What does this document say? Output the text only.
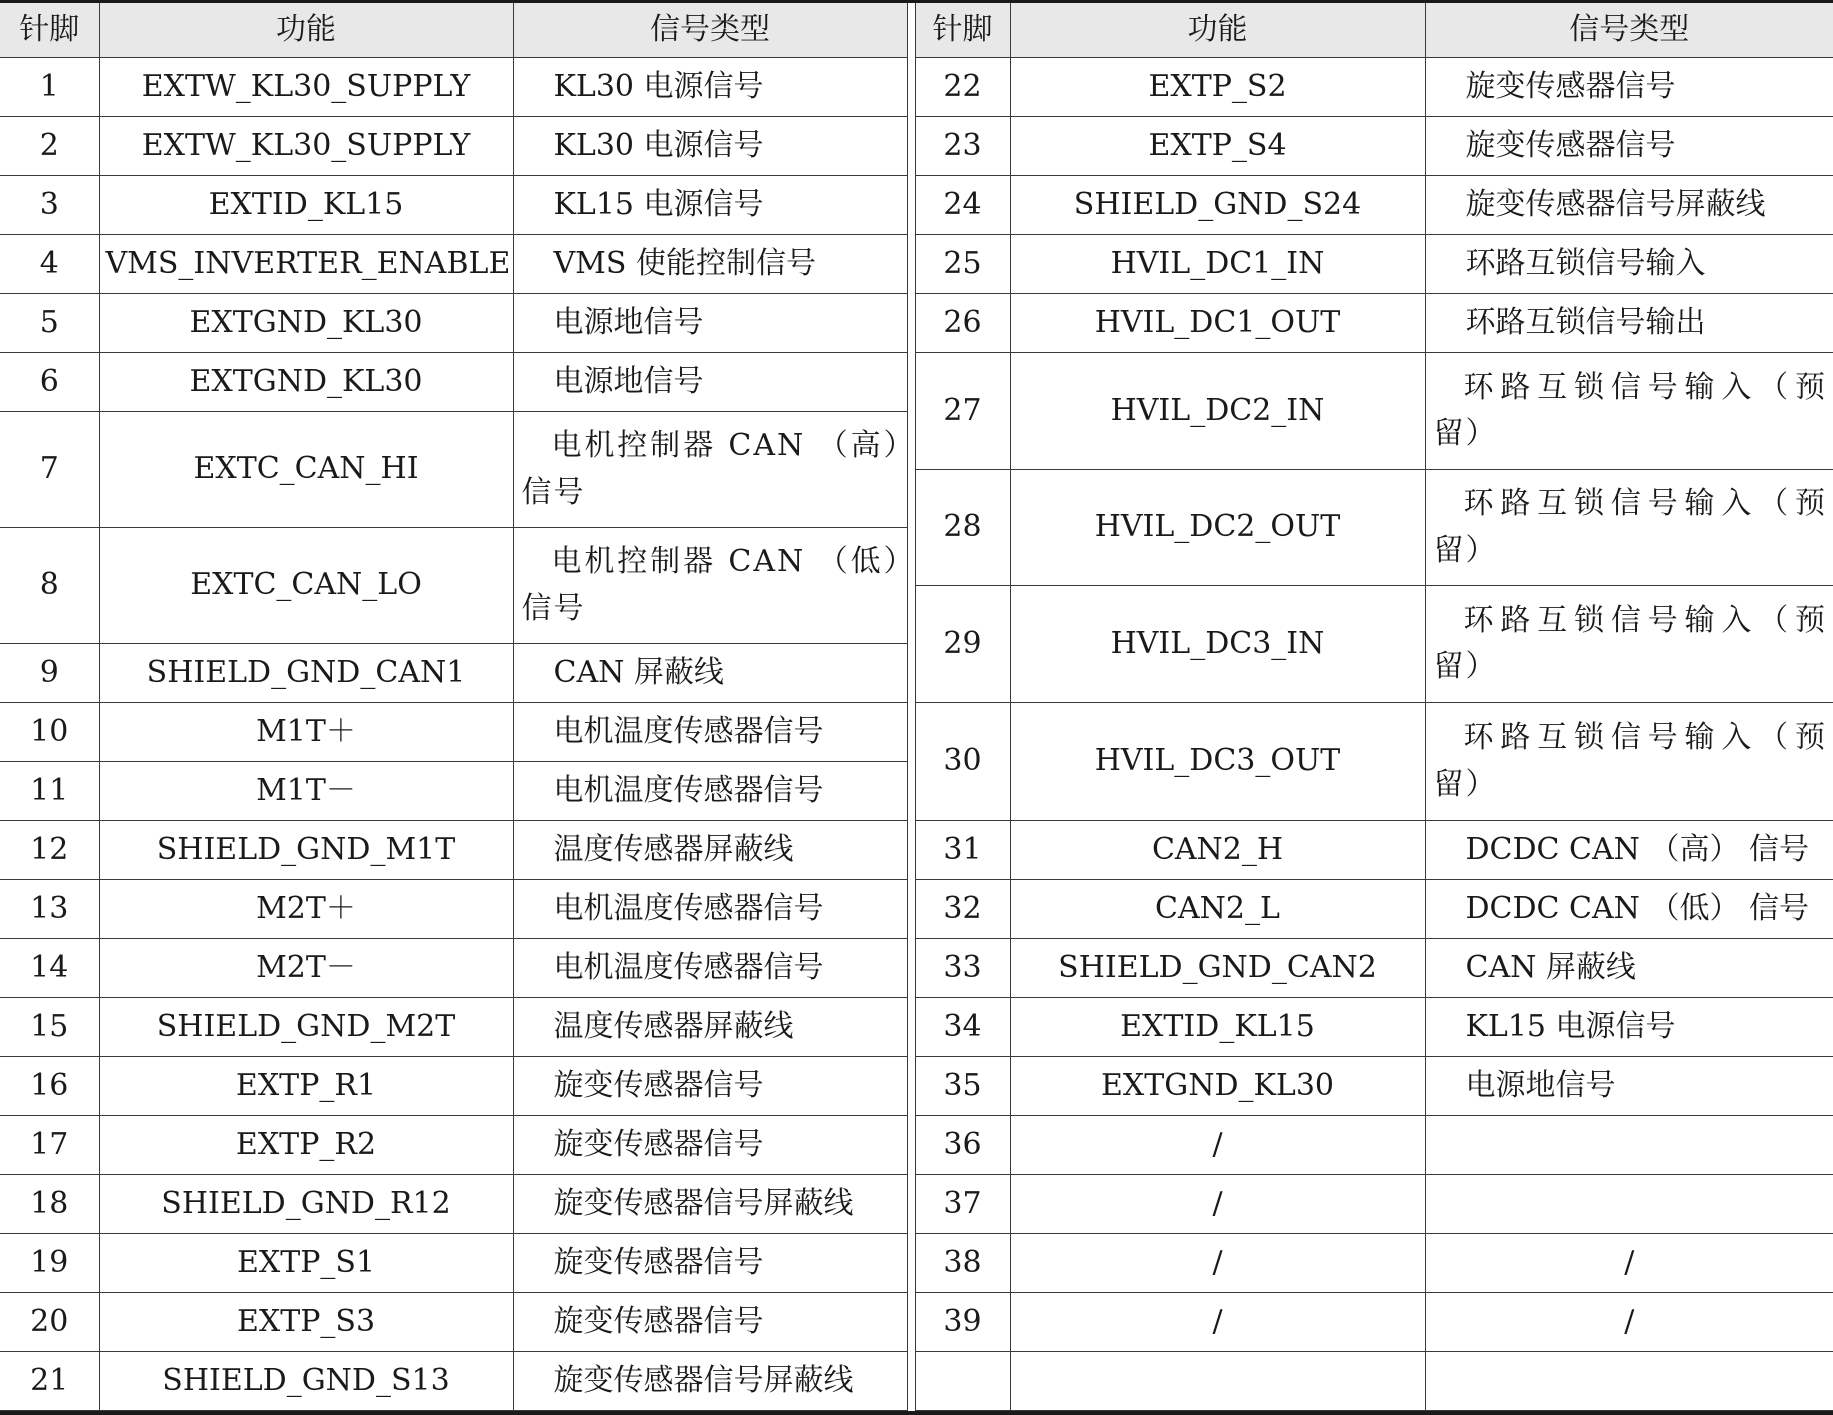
针脚	功能	信号类型		针脚	功能	信号类型
1	EXTW_KL30_SUPPLY	KL30 电源信号		22	EXTP_S2	旋变传感器信号
2	EXTW_KL30_SUPPLY	KL30 电源信号		23	EXTP_S4	旋变传感器信号
3	EXTID_KL15	KL15 电源信号		24	SHIELD_GND_S24	旋变传感器信号屏蔽线
4	VMS_INVERTER_ENABLE	VMS 使能控制信号		25	HVIL_DC1_IN	环路互锁信号输入
5	EXTGND_KL30	电源地信号		26	HVIL_DC1_OUT	环路互锁信号输出
6	EXTGND_KL30	电源地信号		27	HVIL_DC2_IN	环路互锁信号输入（预留）
7	EXTC_CAN_HI	电机控制器 CAN （高）信号				
				28	HVIL_DC2_OUT	环路互锁信号输入（预留）
8	EXTC_CAN_LO	电机控制器 CAN （低）信号				
				29	HVIL_DC3_IN	环路互锁信号输入（预留）
9	SHIELD_GND_CAN1	CAN 屏蔽线				
10	M1T＋	电机温度传感器信号		30	HVIL_DC3_OUT	环路互锁信号输入（预留）
11	M1T－	电机温度传感器信号				
12	SHIELD_GND_M1T	温度传感器屏蔽线		31	CAN2_H	DCDC CAN （高） 信号
13	M2T＋	电机温度传感器信号		32	CAN2_L	DCDC CAN （低） 信号
14	M2T－	电机温度传感器信号		33	SHIELD_GND_CAN2	CAN 屏蔽线
15	SHIELD_GND_M2T	温度传感器屏蔽线		34	EXTID_KL15	KL15 电源信号
16	EXTP_R1	旋变传感器信号		35	EXTGND_KL30	电源地信号
17	EXTP_R2	旋变传感器信号		36	/	
18	SHIELD_GND_R12	旋变传感器信号屏蔽线		37	/	
19	EXTP_S1	旋变传感器信号		38	/	/
20	EXTP_S3	旋变传感器信号		39	/	/
21	SHIELD_GND_S13	旋变传感器信号屏蔽线				
